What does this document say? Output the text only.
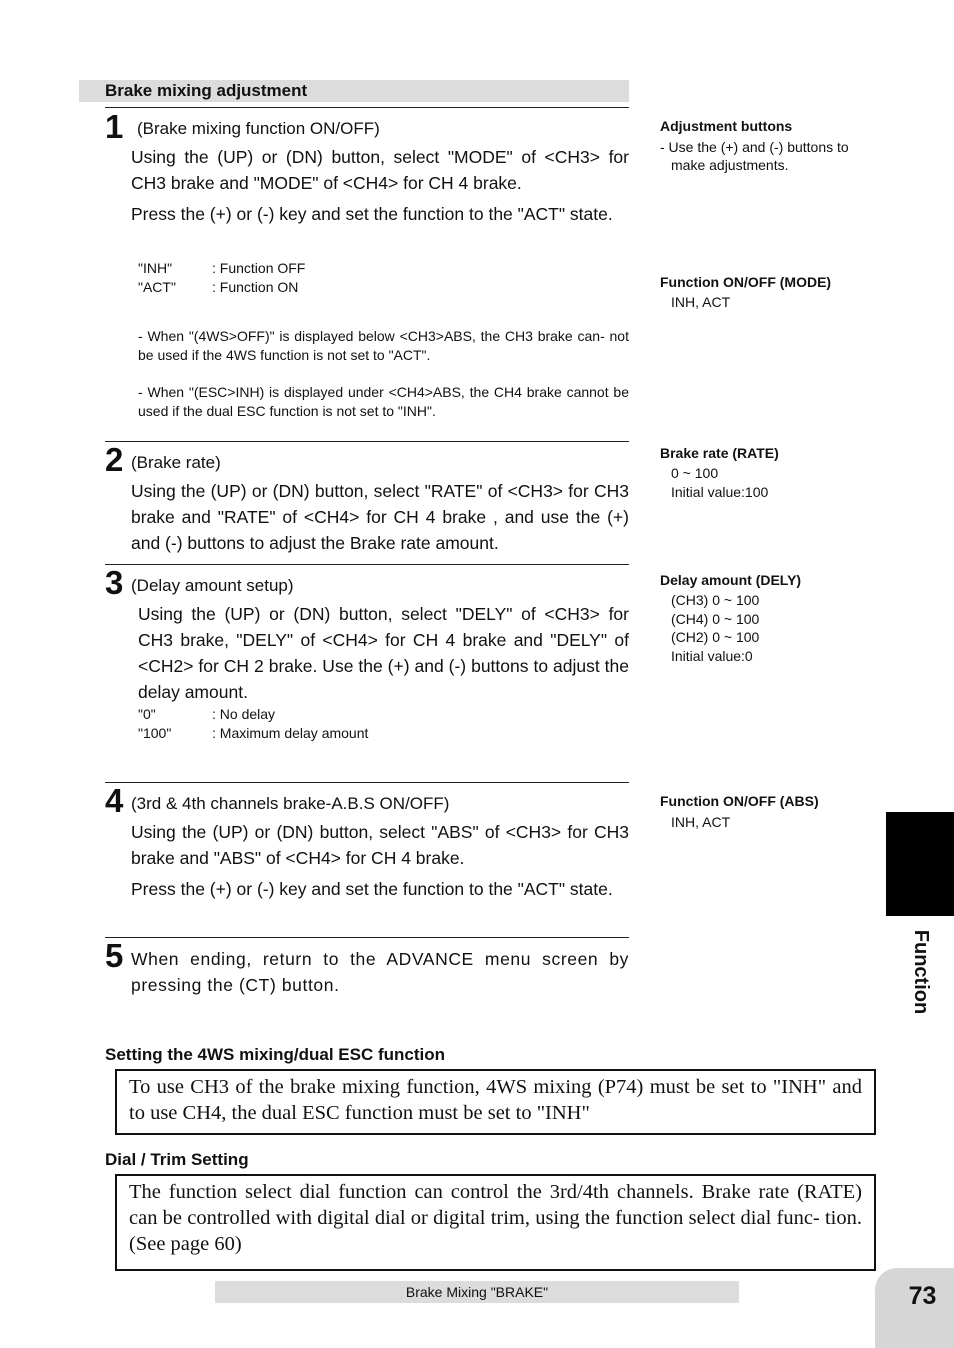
Brake mixing adjustment
1 (Brake mixing function ON/OFF)
Using the (UP) or (DN) button, select "MODE" of <CH3> for CH3 brake and "MODE" of <CH4> for CH 4 brake.
Press the (+) or (-) key and set the function to the "ACT" state.
"INH"	: Function OFF
"ACT"	: Function ON
- When "(4WS>OFF)" is displayed below <CH3>ABS, the CH3 brake can- not be used if the 4WS function is not set to "ACT".
- When "(ESC>INH) is displayed under <CH4>ABS, the CH4 brake cannot be used if the dual ESC function is not set to "INH".
2 (Brake rate)
Using the (UP) or (DN) button, select "RATE" of <CH3> for CH3 brake and "RATE" of <CH4> for CH 4 brake , and use the (+) and (-) buttons to adjust the Brake rate amount.
3 (Delay amount setup)
Using the (UP) or (DN) button, select "DELY" of <CH3> for CH3 brake, "DELY" of <CH4> for CH 4 brake and "DELY" of <CH2> for CH 2 brake. Use the (+) and (-) buttons to adjust the delay amount.
"0"	: No delay
"100"	: Maximum delay amount
4 (3rd & 4th channels brake-A.B.S ON/OFF)
Using the (UP) or (DN) button, select "ABS" of <CH3> for CH3 brake and "ABS" of <CH4> for CH 4 brake.
Press the (+) or (-) key and set the function to the "ACT" state.
5 When ending, return to the ADVANCE menu screen by pressing the (CT) button.
Adjustment buttons
- Use the (+) and (-) buttons to
make adjustments.
Function ON/OFF (MODE)
INH, ACT
Brake rate (RATE)
0 ~ 100
Initial value:100
Delay amount (DELY)
(CH3) 0 ~ 100
(CH4) 0 ~ 100
(CH2) 0 ~ 100
Initial value:0
Function ON/OFF (ABS)
INH, ACT
Function
Setting the 4WS mixing/dual ESC function
To use CH3 of the brake mixing function, 4WS mixing (P74) must be set to "INH" and to use CH4, the dual ESC function must be set to "INH"
Dial / Trim Setting
The function select dial function can control the 3rd/4th channels. Brake rate (RATE) can be controlled with digital dial or digital trim, using the function select dial func- tion. (See page 60)
Brake Mixing "BRAKE"	73
